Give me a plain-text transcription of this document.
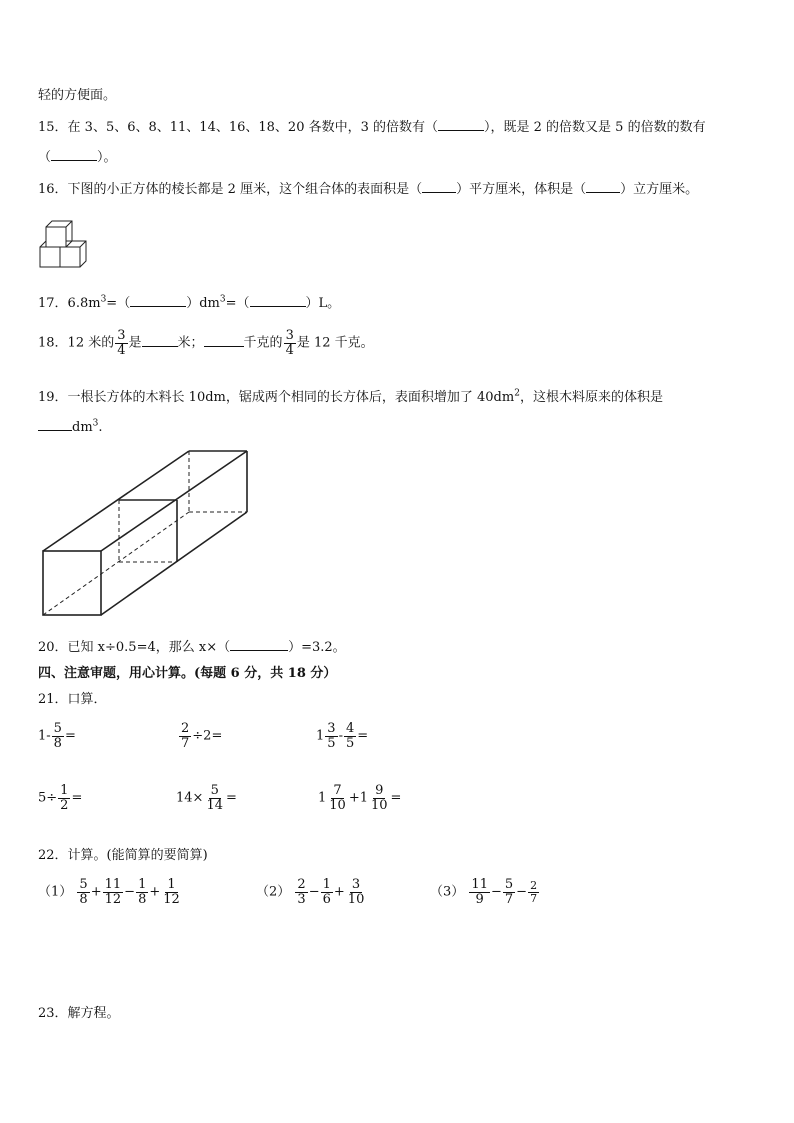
轻的方便面。
15．在 3、5、6、8、11、14、16、18、20 各数中，3 的倍数有（	），既是 2 的倍数又是 5 的倍数的数有
（	）。
16．下图的小正方体的棱长都是 2 厘米，这个组合体的表面积是（	）平方厘米，体积是（	）立方厘米。
17．$6.8m^3=$（	）$dm^3=$（	）L。
18．12 米的 $\frac{3}{4}$ 是	米；	千克的 $\frac{3}{4}$ 是 12 千克。
19．一根长方体的木料长 10dm，锯成两个相同的长方体后，表面积增加了 $40dm^2$，这根木料原来的体积是
$dm^3$.
20．已知 x÷0.5=4，那么 x×（	）=3.2。
四、注意审题，用心计算。(每题 6 分，共 18 分）
21．口算．
$1- \frac{5}{8}$ =	$\frac{2}{7} \div 2=$	$1 \frac{3}{5} - \frac{4}{5}$ =
$5\div \frac{1}{2}$ =	$14\times \frac{5}{14}$ =	$1 \frac{7}{10} +1 \frac{9}{10}$ =
22．计算。(能简算的要简算)
$(1) \frac{5}{8} + \frac{11}{12} - \frac{1}{8} + \frac{1}{12}$	$(2) \frac{2}{3} - \frac{1}{6} + \frac{3}{10}$	$(3) \frac{11}{9} - \frac{5}{7} - \frac{2}{7}$
23．解方程。
